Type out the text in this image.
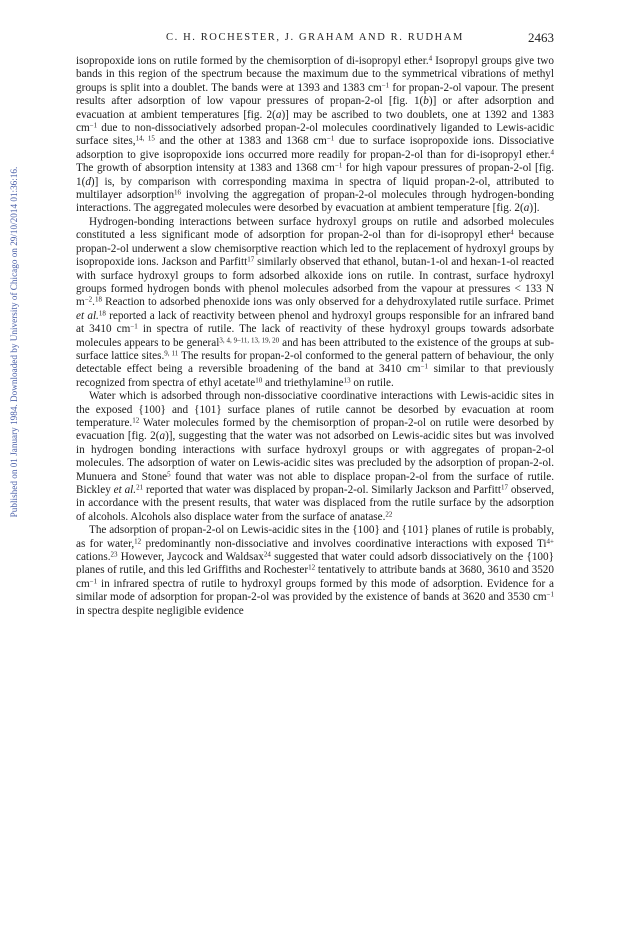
C. H. ROCHESTER, J. GRAHAM AND R. RUDHAM	2463
Published on 01 January 1984. Downloaded by University of Chicago on 29/10/2014 01:36:16.

isopropoxide ions on rutile formed by the chemisorption of di-isopropyl ether.$^4$ Isopropyl groups give two bands in this region of the spectrum because the maximum due to the symmetrical vibrations of methyl groups is split into a doublet. The bands were at 1393 and 1383 $cm^{-1}$ for propan-2-ol vapour. The present results after adsorption of low vapour pressures of propan-2-ol [fig. 1(b)] or after adsorption and evacuation at ambient temperatures [fig. 2(a)] may be ascribed to two doublets, one at 1392 and 1383 $cm^{-1}$ due to non-dissociatively adsorbed propan-2-ol molecules coordinatively liganded to Lewis-acidic surface sites,$^{14, 15}$ and the other at 1383 and 1368 $cm^{-1}$ due to surface isopropoxide ions. Dissociative adsorption to give isopropoxide ions occurred more readily for propan-2-ol than for di-isopropyl ether.$^4$ The growth of absorption intensity at 1383 and 1368 $cm^{-1}$ for high vapour pressures of propan-2-ol [fig. 1(d)] is, by comparison with corresponding maxima in spectra of liquid propan-2-ol, attributed to multilayer adsorption$^{16}$ involving the aggregation of propan-2-ol molecules through hydrogen-bonding interactions. The aggregated molecules were desorbed by evacuation at ambient temperature [fig. 2(a)].

Hydrogen-bonding interactions between surface hydroxyl groups on rutile and adsorbed molecules constituted a less significant mode of adsorption for propan-2-ol than for di-isopropyl ether$^4$ because propan-2-ol underwent a slow chemisorptive reaction which led to the replacement of hydroxyl groups by isopropoxide ions. Jackson and Parfitt$^{17}$ similarly observed that ethanol, butan-1-ol and hexan-1-ol reacted with surface hydroxyl groups to form adsorbed alkoxide ions on rutile. In contrast, surface hydroxyl groups formed hydrogen bonds with phenol molecules adsorbed from the vapour at pressures < 133 N $m^{-2}.^{18}$ Reaction to adsorbed phenoxide ions was only observed for a dehydroxylated rutile surface. Primet et al.$^{18}$ reported a lack of reactivity between phenol and hydroxyl groups responsible for an infrared band at 3410 $cm^{-1}$ in spectra of rutile. The lack of reactivity of these hydroxyl groups towards adsorbate molecules appears to be general$^{3, 4, 9-11, 13, 19, 20}$ and has been attributed to the existence of the groups at sub-surface lattice sites.$^{9, 11}$ The results for propan-2-ol conformed to the general pattern of behaviour, the only detectable effect being a reversible broadening of the band at 3410 $cm^{-1}$ similar to that previously recognized from spectra of ethyl acetate$^{10}$ and triethylamine$^{13}$ on rutile.

Water which is adsorbed through non-dissociative coordinative interactions with Lewis-acidic sites in the exposed {100} and {101} surface planes of rutile cannot be desorbed by evacuation at room temperature.$^{12}$ Water molecules formed by the chemisorption of propan-2-ol on rutile were desorbed by evacuation [fig. 2(a)], suggesting that the water was not adsorbed on Lewis-acidic sites but was involved in hydrogen bonding interactions with surface hydroxyl groups or with aggregates of propan-2-ol molecules. The adsorption of water on Lewis-acidic sites was precluded by the adsorption of propan-2-ol. Munuera and Stone$^5$ found that water was not able to displace propan-2-ol from the surface of rutile. Bickley et al.$^{21}$ reported that water was displaced by propan-2-ol. Similarly Jackson and Parfitt$^{17}$ observed, in accordance with the present results, that water was displaced from the rutile surface by the adsorption of alcohols. Alcohols also displace water from the surface of anatase.$^{22}$

The adsorption of propan-2-ol on Lewis-acidic sites in the {100} and {101} planes of rutile is probably, as for water,$^{12}$ predominantly non-dissociative and involves coordinative interactions with exposed $Ti^{4+}$ cations.$^{23}$ However, Jaycock and Waldsax$^{24}$ suggested that water could adsorb dissociatively on the {100} planes of rutile, and this led Griffiths and Rochester$^{12}$ tentatively to attribute bands at 3680, 3610 and 3520 $cm^{-1}$ in infrared spectra of rutile to hydroxyl groups formed by this mode of adsorption. Evidence for a similar mode of adsorption for propan-2-ol was provided by the existence of bands at 3620 and 3530 $cm^{-1}$ in spectra despite negligible evidence
